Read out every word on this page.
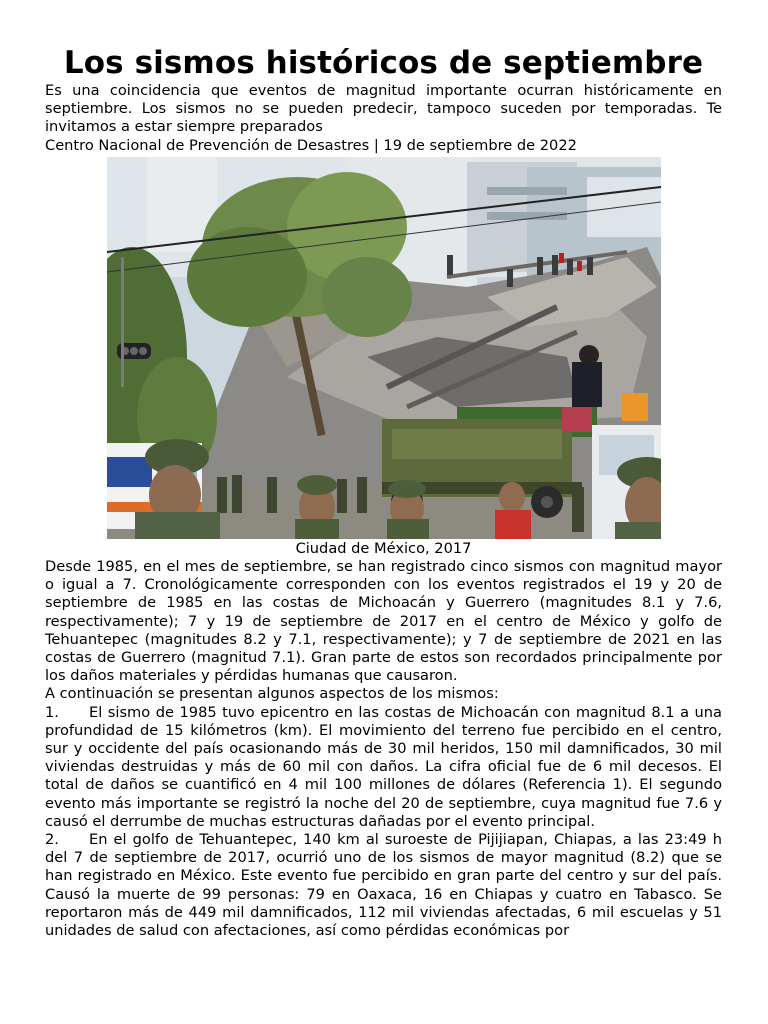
Los sismos históricos de septiembre

Es una coincidencia que eventos de magnitud importante ocurran históricamente en septiembre. Los sismos no se pueden predecir, tampoco suceden por temporadas. Te invitamos a estar siempre preparados

Centro Nacional de Prevención de Desastres | 19 de septiembre de 2022

Ciudad de México, 2017

Desde 1985, en el mes de septiembre, se han registrado cinco sismos con magnitud mayor o igual a 7. Cronológicamente corresponden con los eventos registrados el 19 y 20 de septiembre de 1985 en las costas de Michoacán y Guerrero (magnitudes 8.1 y 7.6, respectivamente); 7 y 19 de septiembre de 2017 en el centro de México y golfo de Tehuantepec (magnitudes 8.2 y 7.1, respectivamente); y 7 de septiembre de 2021 en las costas de Guerrero (magnitud 7.1). Gran parte de estos son recordados principalmente por los daños materiales y pérdidas humanas que causaron.

A continuación se presentan algunos aspectos de los mismos:

1. El sismo de 1985 tuvo epicentro en las costas de Michoacán con magnitud 8.1 a una profundidad de 15 kilómetros (km). El movimiento del terreno fue percibido en el centro, sur y occidente del país ocasionando más de 30 mil heridos, 150 mil damnificados, 30 mil viviendas destruidas y más de 60 mil con daños. La cifra oficial fue de 6 mil decesos. El total de daños se cuantificó en 4 mil 100 millones de dólares (Referencia 1). El segundo evento más importante se registró la noche del 20 de septiembre, cuya magnitud fue 7.6 y causó el derrumbe de muchas estructuras dañadas por el evento principal.

2. En el golfo de Tehuantepec, 140 km al suroeste de Pijijiapan, Chiapas, a las 23:49 h del 7 de septiembre de 2017, ocurrió uno de los sismos de mayor magnitud (8.2) que se han registrado en México. Este evento fue percibido en gran parte del centro y sur del país. Causó la muerte de 99 personas: 79 en Oaxaca, 16 en Chiapas y cuatro en Tabasco. Se reportaron más de 449 mil damnificados, 112 mil viviendas afectadas, 6 mil escuelas y 51 unidades de salud con afectaciones, así como pérdidas económicas por
